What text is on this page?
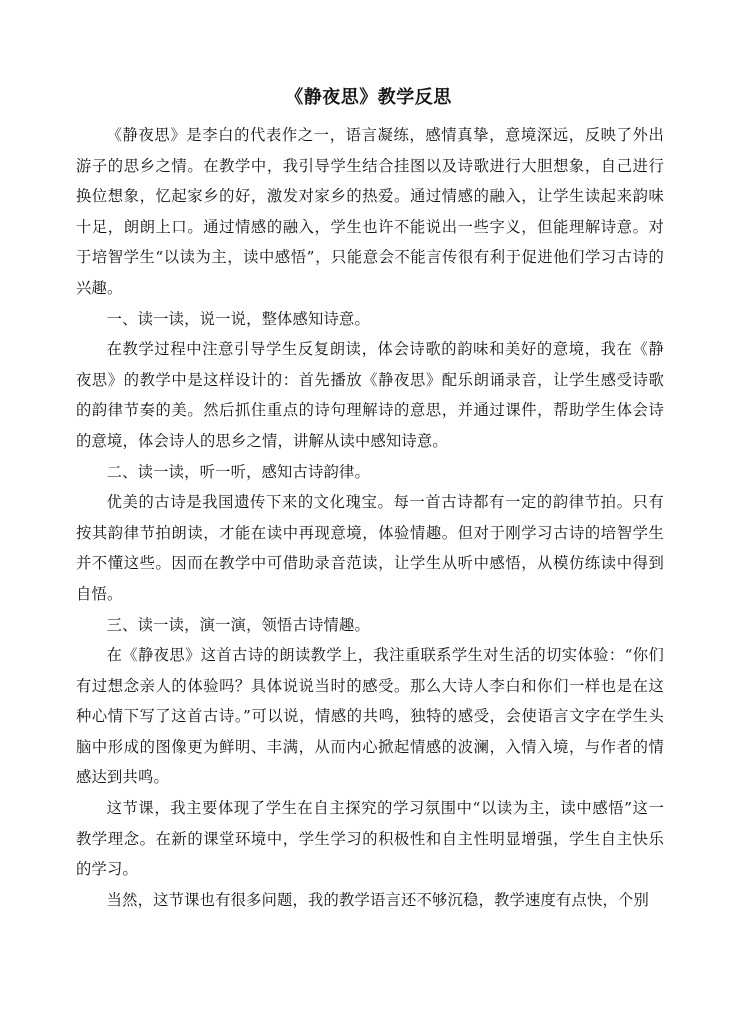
《静夜思》教学反思

《静夜思》是李白的代表作之一，语言凝练，感情真挚，意境深远，反映了外出游子的思乡之情。在教学中，我引导学生结合挂图以及诗歌进行大胆想象，自己进行换位想象，忆起家乡的好，激发对家乡的热爱。通过情感的融入，让学生读起来韵味十足，朗朗上口。通过情感的融入，学生也许不能说出一些字义，但能理解诗意。对于培智学生“以读为主，读中感悟”，只能意会不能言传很有利于促进他们学习古诗的兴趣。

一、读一读，说一说，整体感知诗意。

在教学过程中注意引导学生反复朗读，体会诗歌的韵味和美好的意境，我在《静夜思》的教学中是这样设计的：首先播放《静夜思》配乐朗诵录音，让学生感受诗歌的韵律节奏的美。然后抓住重点的诗句理解诗的意思，并通过课件，帮助学生体会诗的意境，体会诗人的思乡之情，讲解从读中感知诗意。

二、读一读，听一听，感知古诗韵律。

优美的古诗是我国遗传下来的文化瑰宝。每一首古诗都有一定的韵律节拍。只有按其韵律节拍朗读，才能在读中再现意境，体验情趣。但对于刚学习古诗的培智学生并不懂这些。因而在教学中可借助录音范读，让学生从听中感悟，从模仿练读中得到自悟。

三、读一读，演一演，领悟古诗情趣。

在《静夜思》这首古诗的朗读教学上，我注重联系学生对生活的切实体验：“你们有过想念亲人的体验吗？具体说说当时的感受。那么大诗人李白和你们一样也是在这种心情下写了这首古诗。”可以说，情感的共鸣，独特的感受，会使语言文字在学生头脑中形成的图像更为鲜明、丰满，从而内心掀起情感的波澜，入情入境，与作者的情感达到共鸣。

这节课，我主要体现了学生在自主探究的学习氛围中“以读为主，读中感悟”这一教学理念。在新的课堂环境中，学生学习的积极性和自主性明显增强，学生自主快乐的学习。

当然，这节课也有很多问题，我的教学语言还不够沉稳，教学速度有点快，个别
